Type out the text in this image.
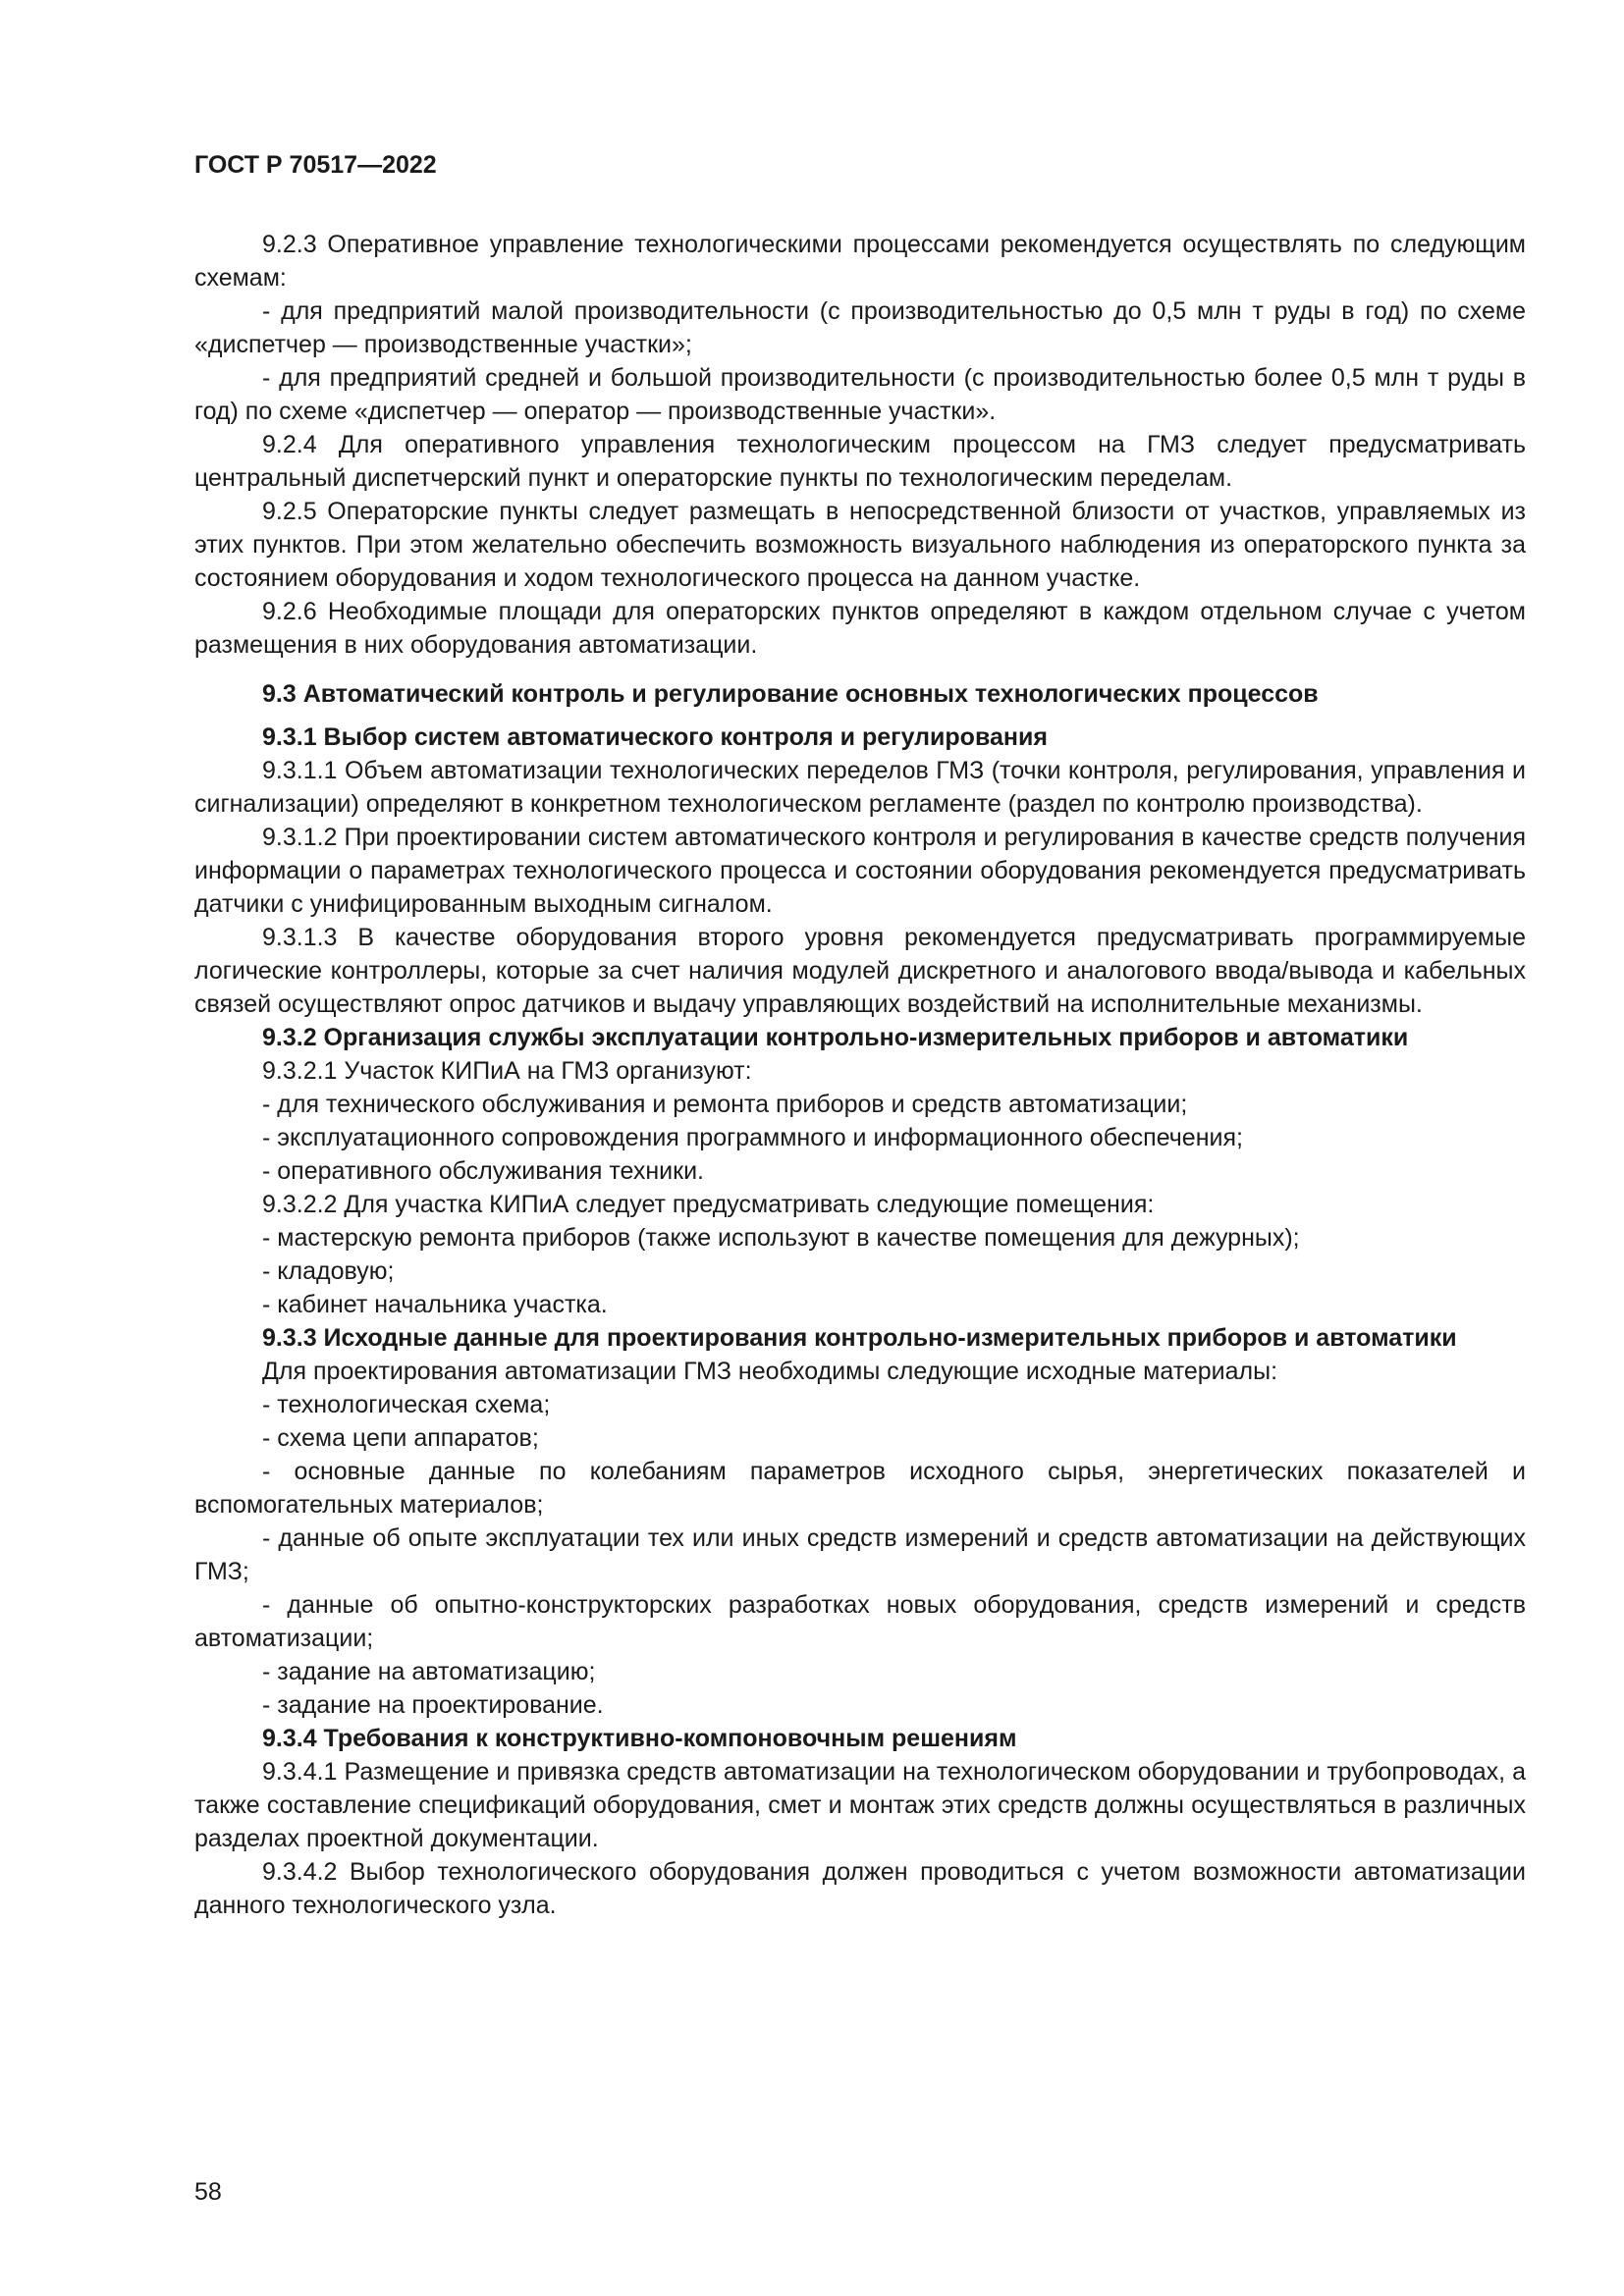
ГОСТ Р 70517—2022

9.2.3 Оперативное управление технологическими процессами рекомендуется осуществлять по следующим схемам:

- для предприятий малой производительности (с производительностью до 0,5 млн т руды в год) по схеме «диспетчер — производственные участки»;

- для предприятий средней и большой производительности (с производительностью более 0,5 млн т руды в год) по схеме «диспетчер — оператор — производственные участки».

9.2.4 Для оперативного управления технологическим процессом на ГМЗ следует предусматривать центральный диспетчерский пункт и операторские пункты по технологическим переделам.

9.2.5 Операторские пункты следует размещать в непосредственной близости от участков, управляемых из этих пунктов. При этом желательно обеспечить возможность визуального наблюдения из операторского пункта за состоянием оборудования и ходом технологического процесса на данном участке.

9.2.6 Необходимые площади для операторских пунктов определяют в каждом отдельном случае с учетом размещения в них оборудования автоматизации.

9.3 Автоматический контроль и регулирование основных технологических процессов

9.3.1 Выбор систем автоматического контроля и регулирования

9.3.1.1 Объем автоматизации технологических переделов ГМЗ (точки контроля, регулирования, управления и сигнализации) определяют в конкретном технологическом регламенте (раздел по контролю производства).

9.3.1.2 При проектировании систем автоматического контроля и регулирования в качестве средств получения информации о параметрах технологического процесса и состоянии оборудования рекомендуется предусматривать датчики с унифицированным выходным сигналом.

9.3.1.3 В качестве оборудования второго уровня рекомендуется предусматривать программируемые логические контроллеры, которые за счет наличия модулей дискретного и аналогового ввода/вывода и кабельных связей осуществляют опрос датчиков и выдачу управляющих воздействий на исполнительные механизмы.

9.3.2 Организация службы эксплуатации контрольно-измерительных приборов и автоматики

9.3.2.1 Участок КИПиА на ГМЗ организуют:

- для технического обслуживания и ремонта приборов и средств автоматизации;

- эксплуатационного сопровождения программного и информационного обеспечения;

- оперативного обслуживания техники.

9.3.2.2 Для участка КИПиА следует предусматривать следующие помещения:

- мастерскую ремонта приборов (также используют в качестве помещения для дежурных);

- кладовую;

- кабинет начальника участка.

9.3.3 Исходные данные для проектирования контрольно-измерительных приборов и автоматики

Для проектирования автоматизации ГМЗ необходимы следующие исходные материалы:

- технологическая схема;

- схема цепи аппаратов;

- основные данные по колебаниям параметров исходного сырья, энергетических показателей и вспомогательных материалов;

- данные об опыте эксплуатации тех или иных средств измерений и средств автоматизации на действующих ГМЗ;

- данные об опытно-конструкторских разработках новых оборудования, средств измерений и средств автоматизации;

- задание на автоматизацию;

- задание на проектирование.

9.3.4 Требования к конструктивно-компоновочным решениям

9.3.4.1 Размещение и привязка средств автоматизации на технологическом оборудовании и трубопроводах, а также составление спецификаций оборудования, смет и монтаж этих средств должны осуществляться в различных разделах проектной документации.

9.3.4.2 Выбор технологического оборудования должен проводиться с учетом возможности автоматизации данного технологического узла.

58
